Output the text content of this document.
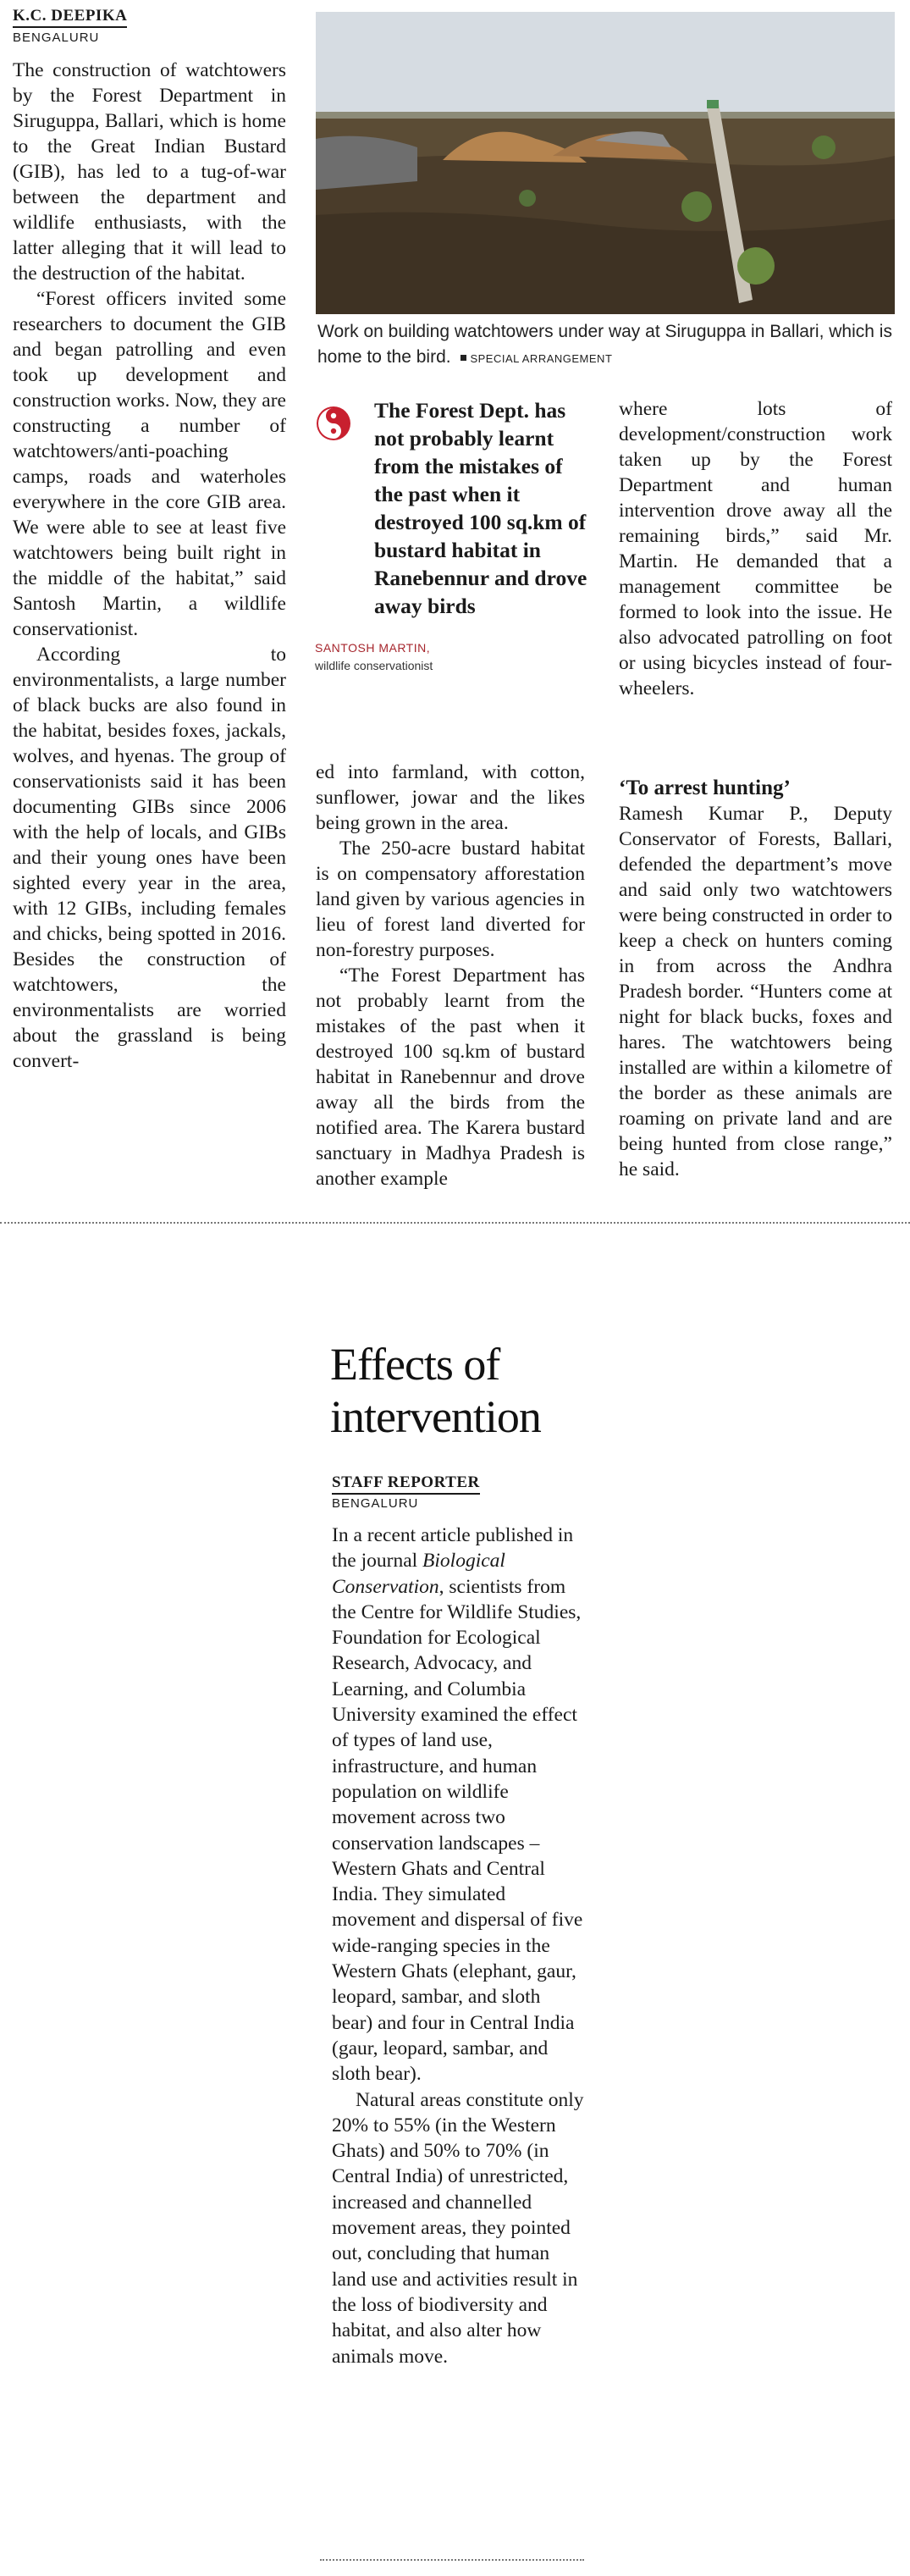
K.C. DEEPIKA
BENGALURU

The construction of watchtowers by the Forest Department in Siruguppa, Ballari, which is home to the Great Indian Bustard (GIB), has led to a tug-of-war between the department and wildlife enthusiasts, with the latter alleging that it will lead to the destruction of the habitat.

“Forest officers invited some researchers to document the GIB and began patrolling and even took up development and construction works. Now, they are constructing a number of watchtowers/anti-poaching camps, roads and waterholes everywhere in the core GIB area. We were able to see at least five watchtowers being built right in the middle of the habitat,” said Santosh Martin, a wildlife conservationist.

According to environmentalists, a large number of black bucks are also found in the habitat, besides foxes, jackals, wolves, and hyenas. The group of conservationists said it has been documenting GIBs since 2006 with the help of locals, and GIBs and their young ones have been sighted every year in the area, with 12 GIBs, including females and chicks, being spotted in 2016. Besides the construction of watchtowers, the environmentalists are worried about the grassland is being convert-

Work on building watchtowers under way at Siruguppa in Ballari, which is home to the bird. SPECIAL ARRANGEMENT
The Forest Dept. has not probably learnt from the mistakes of the past when it destroyed 100 sq.km of bustard habitat in Ranebennur and drove away birds
SANTOSH MARTIN,
wildlife conservationist

ed into farmland, with cotton, sunflower, jowar and the likes being grown in the area.

The 250-acre bustard habitat is on compensatory afforestation land given by various agencies in lieu of forest land diverted for non-forestry purposes.

“The Forest Department has not probably learnt from the mistakes of the past when it destroyed 100 sq.km of bustard habitat in Ranebennur and drove away all the birds from the notified area. The Karera bustard sanctuary in Madhya Pradesh is another example

where lots of development/construction work taken up by the Forest Department and human intervention drove away all the remaining birds,” said Mr. Martin. He demanded that a management committee be formed to look into the issue. He also advocated patrolling on foot or using bicycles instead of four-wheelers.

‘To arrest hunting’

Ramesh Kumar P., Deputy Conservator of Forests, Ballari, defended the department’s move and said only two watchtowers were being constructed in order to keep a check on hunters coming in from across the Andhra Pradesh border. “Hunters come at night for black bucks, foxes and hares. The watchtowers being installed are within a kilometre of the border as these animals are roaming on private land and are being hunted from close range,” he said.

Effects of
intervention
STAFF REPORTER
BENGALURU

In a recent article published in the journal Biological Conservation, scientists from the Centre for Wildlife Studies, Foundation for Ecological Research, Advocacy, and Learning, and Columbia University examined the effect of types of land use, infrastructure, and human population on wildlife movement across two conservation landscapes – Western Ghats and Central India. They simulated movement and dispersal of five wide-ranging species in the Western Ghats (elephant, gaur, leopard, sambar, and sloth bear) and four in Central India (gaur, leopard, sambar, and sloth bear).

Natural areas constitute only 20% to 55% (in the Western Ghats) and 50% to 70% (in Central India) of unrestricted, increased and channelled movement areas, they pointed out, concluding that human land use and activities result in the loss of biodiversity and habitat, and also alter how animals move.
